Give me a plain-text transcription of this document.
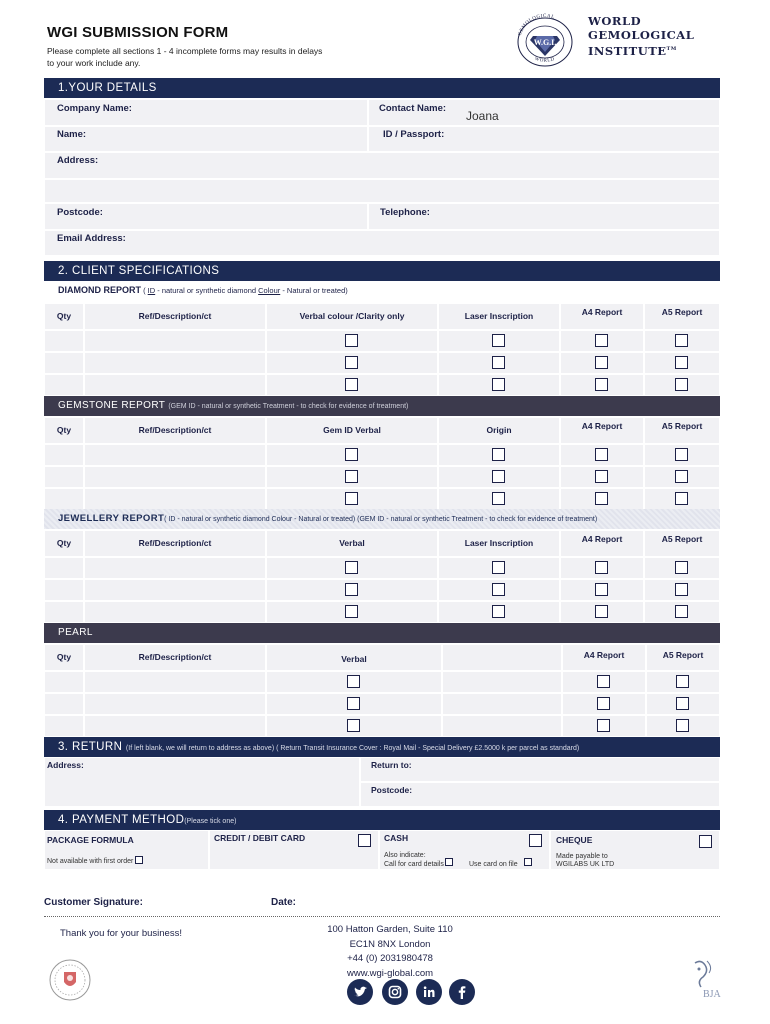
WGI SUBMISSION FORM
Please complete all sections 1 - 4 incomplete forms may results in delays
to your work include any.
W.G.I.
GEMOLOGICAL
WORLD
WORLD
GEMOLOGICAL
INSTITUTE™
1.YOUR DETAILS
Company Name:	Contact Name:
Joana
Name:	ID / Passport:
Address:
Postcode:	Telephone:
Email Address:
2. CLIENT SPECIFICATIONS
DIAMOND REPORT ( ID - natural or synthetic diamond Colour - Natural or treated)
Qty	Ref/Description/ct	Verbal colour /Clarity only	Laser Inscription	A4 Report	A5 Report
GEMSTONE REPORT (GEM ID - natural or synthetic Treatment - to check for evidence of treatment)
Qty	Ref/Description/ct	Gem ID Verbal	Origin	A4 Report	A5 Report
JEWELLERY REPORT( ID - natural or synthetic diamond Colour - Natural or treated) (GEM ID - natural or synthetic Treatment - to check for evidence of treatment)
Qty	Ref/Description/ct	Verbal	Laser Inscription	A4 Report	A5 Report
PEARL
Qty	Ref/Description/ct	Verbal	A4 Report	A5 Report
3. RETURN (If left blank, we will return to address as above) ( Return Transit Insurance Cover : Royal Mail - Special Delivery £2.5000 k per parcel as standard)
Address:	Return to:
Postcode:
4. PAYMENT METHOD(Please tick one)
PACKAGE FORMULA
Not available with first order
CREDIT / DEBIT CARD	CASH
Also indicate:
Call for card details	Use card on file
CHEQUE
Made payable to
WGILABS UK LTD
Customer Signature:	Date:
Thank you for your business!	100 Hatton Garden, Suite 110
EC1N 8NX London
+44 (0) 2031980478
www.wgi-global.com
BJA
